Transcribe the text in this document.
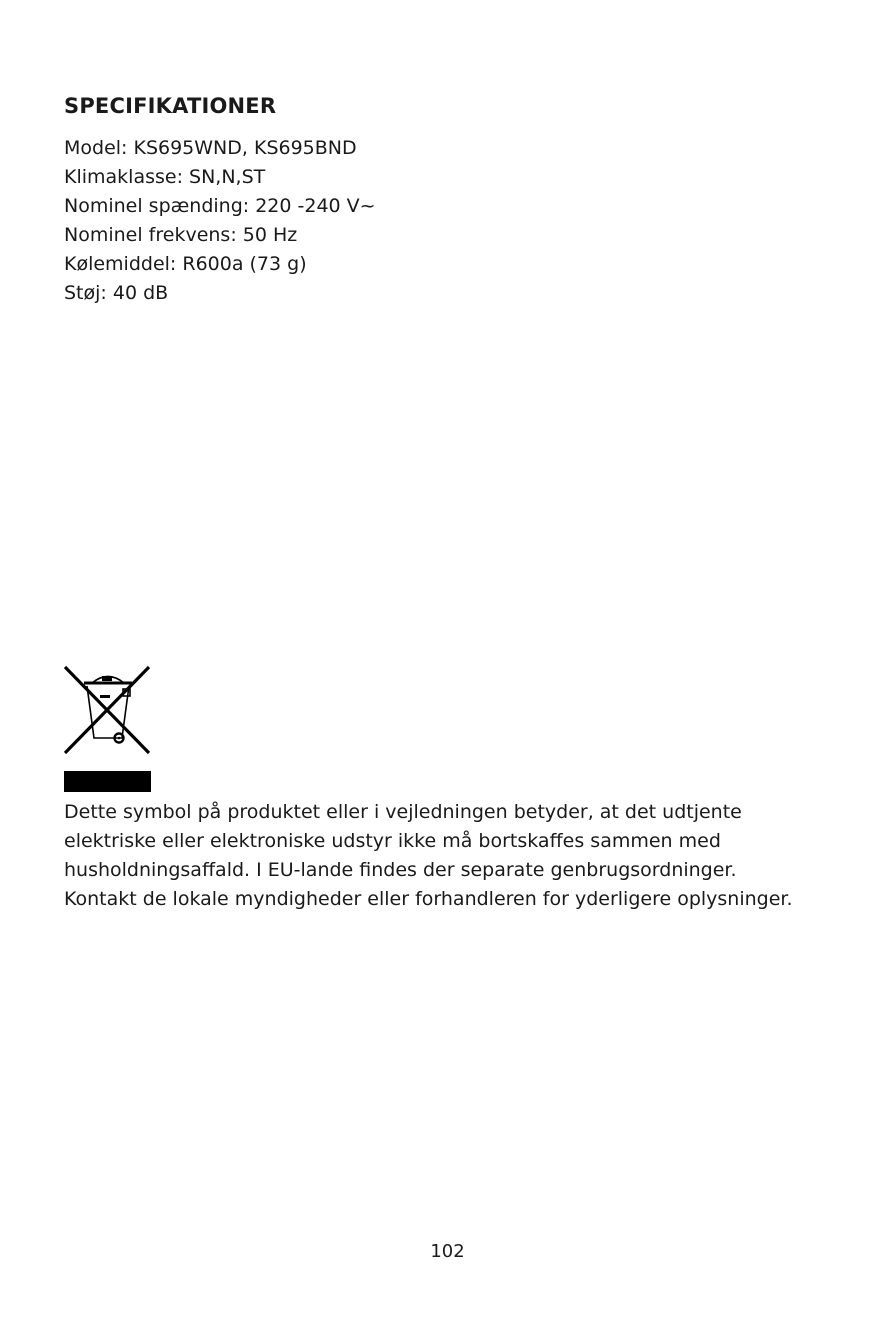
SPECIFIKATIONER
Model: KS695WND, KS695BND
Klimaklasse: SN,N,ST
Nominel spænding: 220 -240 V~
Nominel frekvens: 50 Hz
Kølemiddel: R600a (73 g)
Støj: 40 dB

Dette symbol på produktet eller i vejledningen betyder, at det udtjente
elektriske eller elektroniske udstyr ikke må bortskaffes sammen med
husholdningsaffald. I EU-lande findes der separate genbrugsordninger.
Kontakt de lokale myndigheder eller forhandleren for yderligere oplysninger.

102
